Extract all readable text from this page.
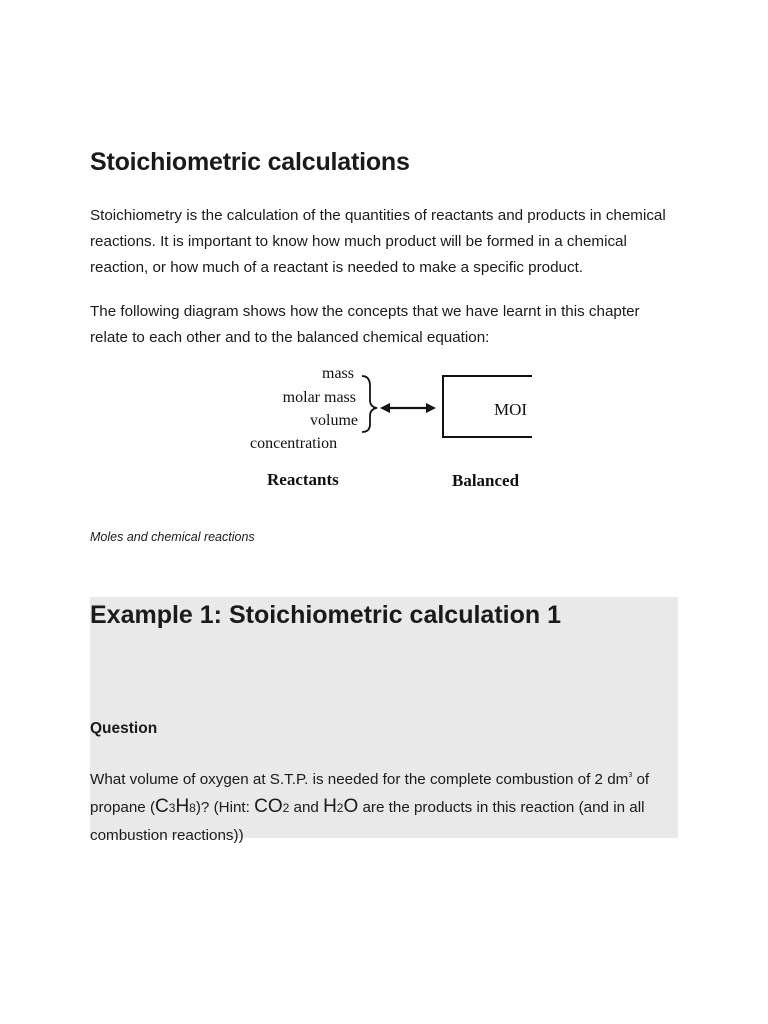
Stoichiometric calculations

Stoichiometry is the calculation of the quantities of reactants and products in chemical reactions. It is important to know how much product will be formed in a chemical reaction, or how much of a reactant is needed to make a specific product.

The following diagram shows how the concepts that we have learnt in this chapter relate to each other and to the balanced chemical equation:

mass
molar mass
volume
concentration
MOI
Reactants	Balanced
Moles and chemical reactions
Example 1: Stoichiometric calculation 1
Question
What volume of oxygen at S.T.P. is needed for the complete combustion of 2 $dm^3$ of propane (C3H8)? (Hint: CO2 and H2O are the products in this reaction (and in all combustion reactions))
